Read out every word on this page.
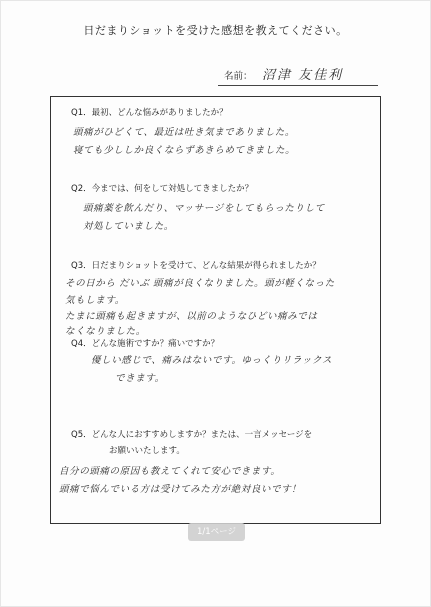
日だまりショットを受けた感想を教えてください。
名前： 沼津 友佳利
Q1．最初、どんな悩みがありましたか？
頭痛がひどくて、最近は吐き気までありました。
寝ても少ししか良くならずあきらめてきました。
Q2．今までは、何をして対処してきましたか？
頭痛薬を飲んだり、マッサージをしてもらったりして
対処していました。
Q3．日だまりショットを受けて、どんな結果が得られましたか？
その日から だいぶ 頭痛が良くなりました。頭が軽くなった
気もします。
たまに頭痛も起きますが、以前のようなひどい痛みでは
なくなりました。
Q4．どんな施術ですか？痛いですか？
優しい感じで、痛みはないです。ゆっくりリラックス
できます。
Q5．どんな人におすすめしますか？または、一言メッセージを
お願いいたします。
自分の頭痛の原因も教えてくれて安心できます。
頭痛で悩んでいる方は受けてみた方が絶対良いです！
1/1ページ
